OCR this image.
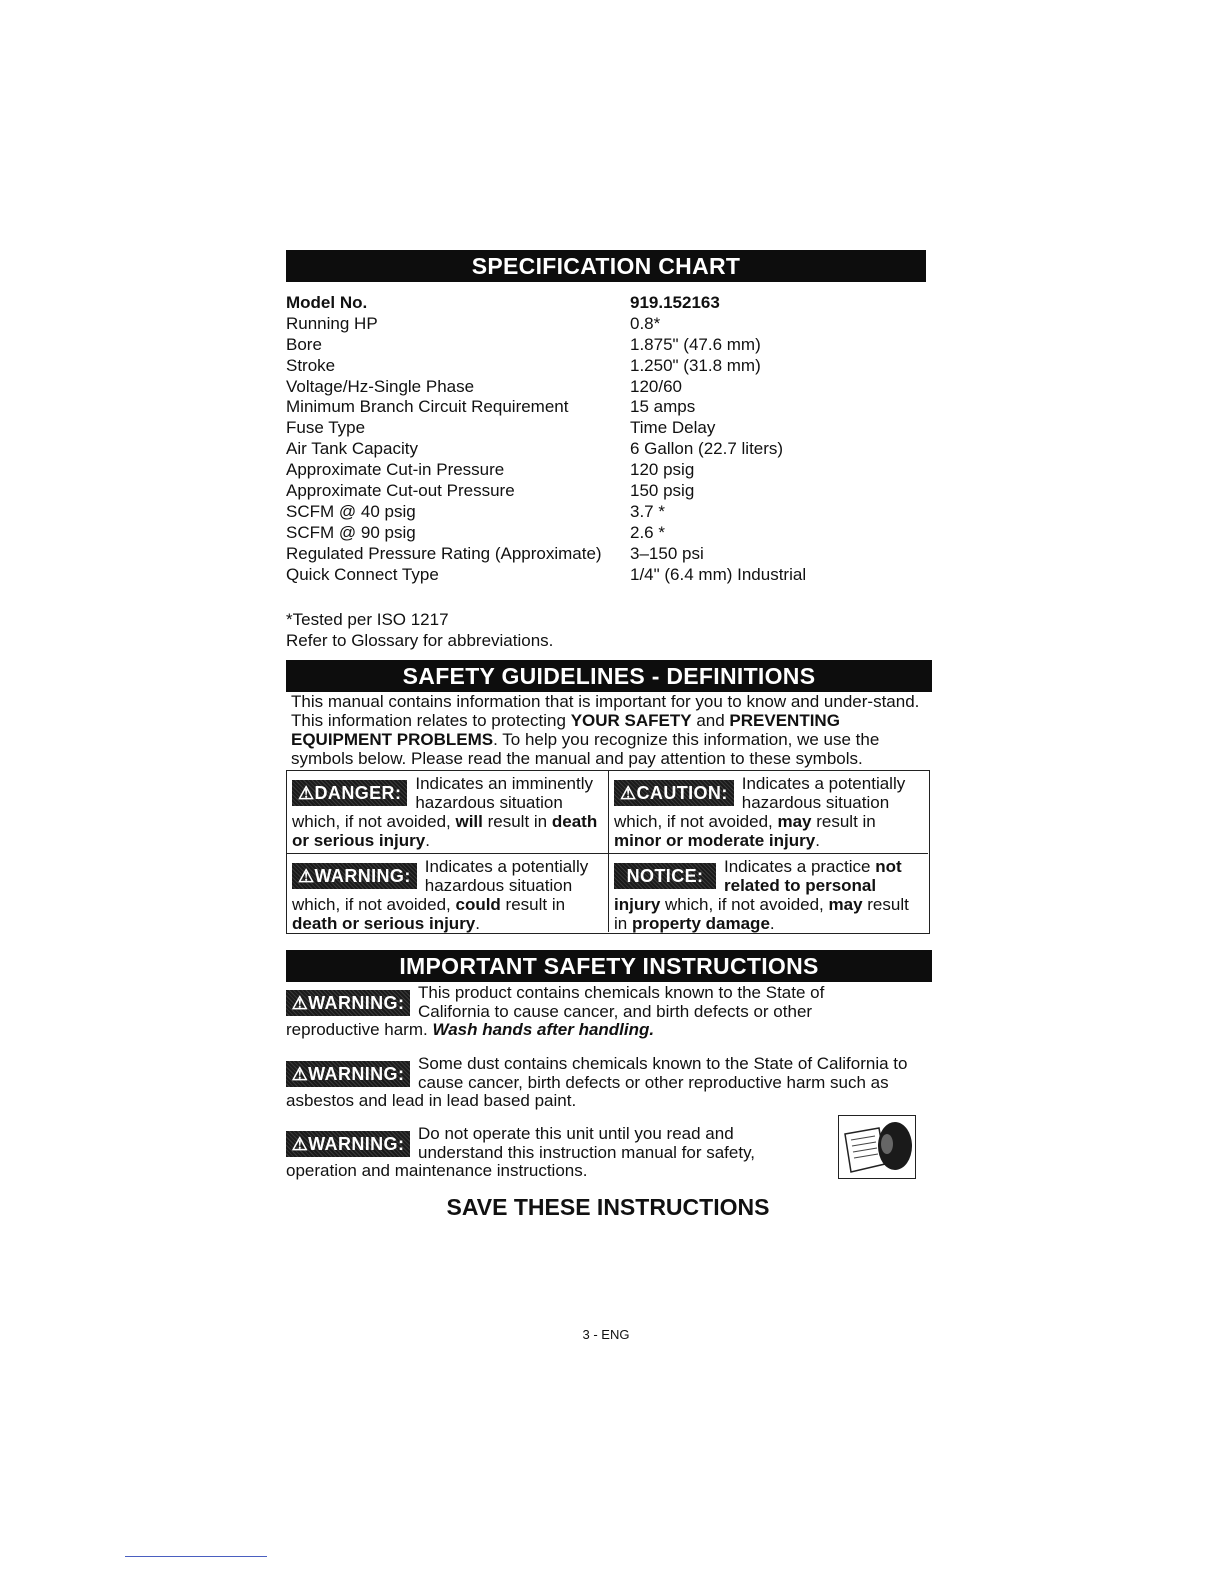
SPECIFICATION CHART
Model No.	919.152163
Running HP	0.8*
Bore	1.875" (47.6 mm)
Stroke	1.250" (31.8 mm)
Voltage/Hz-Single Phase	120/60
Minimum Branch Circuit Requirement	15 amps
Fuse Type	Time Delay
Air Tank Capacity	6 Gallon (22.7 liters)
Approximate Cut-in Pressure	120 psig
Approximate Cut-out Pressure	150 psig
SCFM @ 40 psig	3.7 *
SCFM @ 90 psig	2.6 *
Regulated Pressure Rating (Approximate)	3–150 psi
Quick Connect Type	1/4" (6.4 mm) Industrial
*Tested per ISO 1217
Refer to Glossary for abbreviations.
SAFETY GUIDELINES - DEFINITIONS
This manual contains information that is important for you to know and under-stand. This information relates to protecting YOUR SAFETY and PREVENTING EQUIPMENT PROBLEMS. To help you recognize this information, we use the symbols below. Please read the manual and pay attention to these symbols.
⚠DANGER: Indicates an imminently hazardous situation which, if not avoided, will result in death or serious injury.
⚠CAUTION: Indicates a potentially hazardous situation which, if not avoided, may result in minor or moderate injury.
⚠WARNING: Indicates a potentially hazardous situation which, if not avoided, could result in death or serious injury.
NOTICE:	Indicates a practice not related to personal injury which, if not avoided, may result in property damage.
IMPORTANT SAFETY INSTRUCTIONS
⚠WARNING:
This product contains chemicals known to the State of California to cause cancer, and birth defects or other reproductive harm. Wash hands after handling.
⚠WARNING:
Some dust contains chemicals known to the State of California to cause cancer, birth defects or other reproductive harm such as asbestos and lead in lead based paint.
⚠WARNING:
Do not operate this unit until you read and understand this instruction manual for safety, operation and maintenance instructions.
SAVE THESE INSTRUCTIONS
3 - ENG
